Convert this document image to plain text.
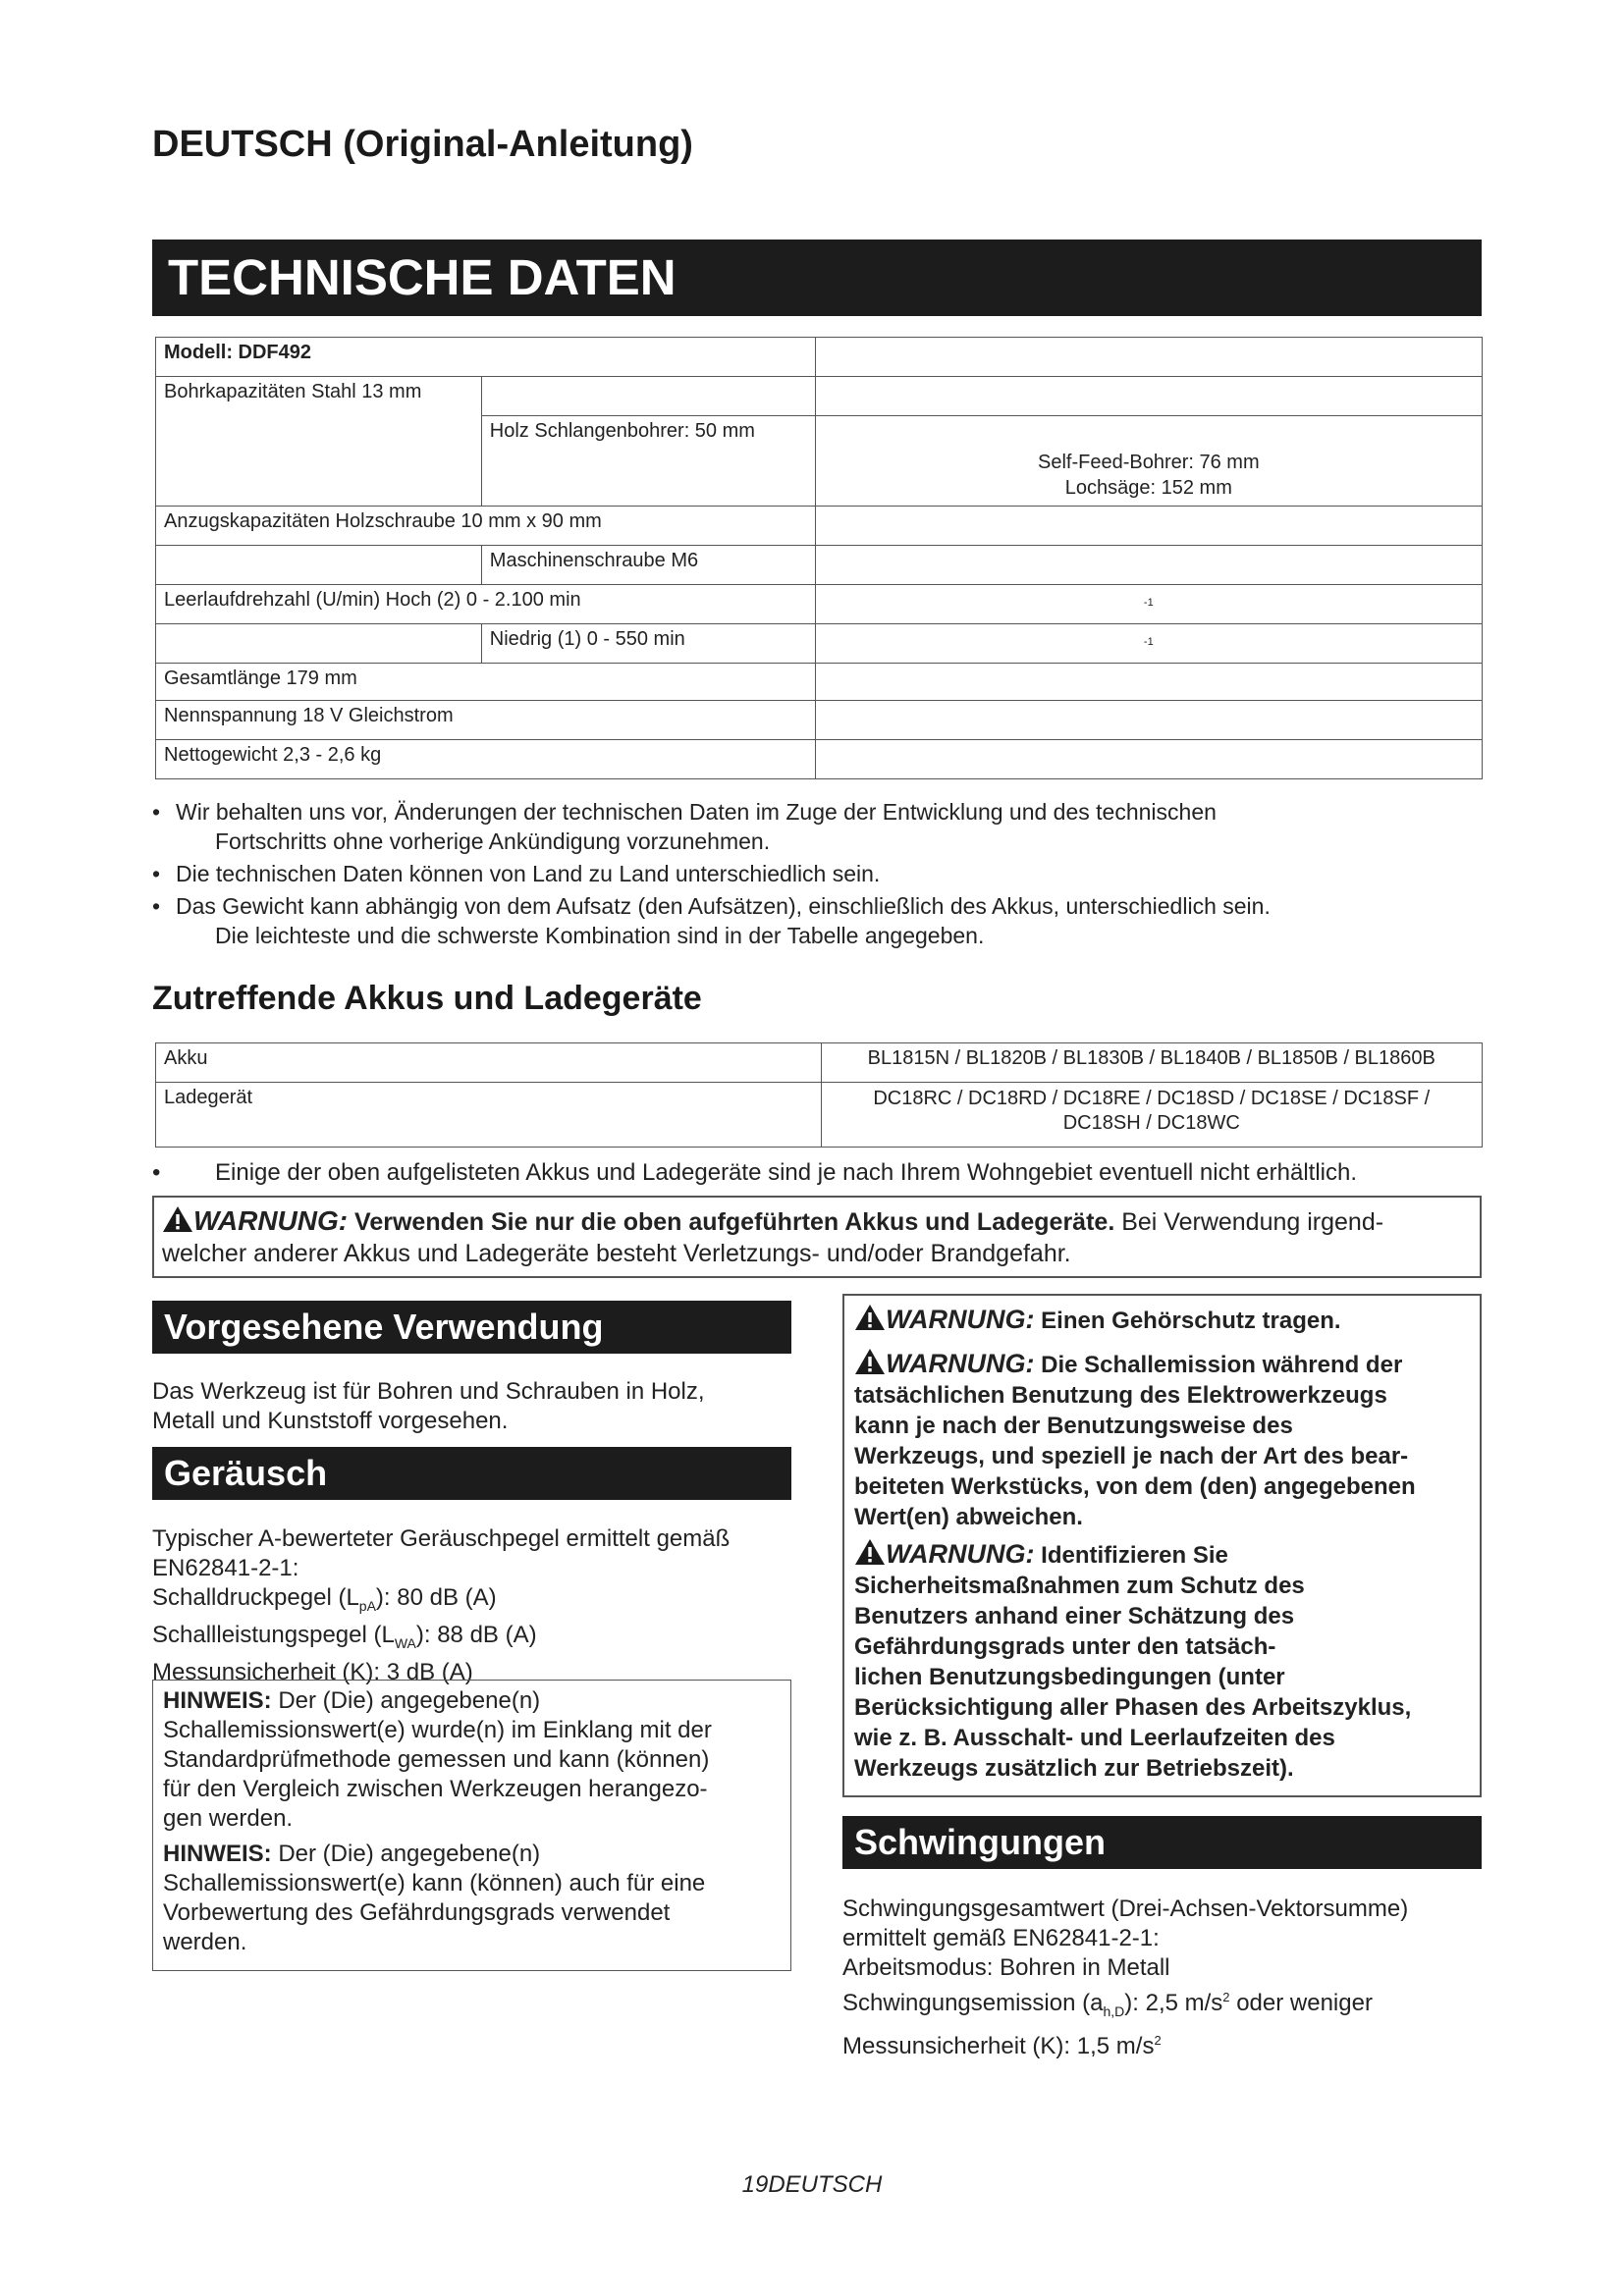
DEUTSCH (Original-Anleitung)
TECHNISCHE DATEN
Modell: DDF492		
Bohrkapazitäten Stahl 13 mm		
	Holz Schlangenbohrer: 50 mm	Self-Feed-Bohrer: 76 mm
Lochsäge: 152 mm

Anzugskapazitäten Holzschraube 10 mm x 90 mm		
	Maschinenschraube M6	
Leerlaufdrehzahl (U/min) Hoch (2) 0 - 2.100 min		-1
	Niedrig (1) 0 - 550 min	-1
Gesamtlänge 179 mm		
Nennspannung 18 V Gleichstrom		
Nettogewicht 2,3 - 2,6 kg		
• Wir behalten uns vor, Änderungen der technischen Daten im Zuge der Entwicklung und des technischen
Fortschritts ohne vorherige Ankündigung vorzunehmen.
• Die technischen Daten können von Land zu Land unterschiedlich sein.
• Das Gewicht kann abhängig von dem Aufsatz (den Aufsätzen), einschließlich des Akkus, unterschiedlich sein.
Die leichteste und die schwerste Kombination sind in der Tabelle angegeben.
Zutreffende Akkus und Ladegeräte
Akku	BL1815N / BL1820B / BL1830B / BL1840B / BL1850B / BL1860B
Ladegerät	DC18RC / DC18RD / DC18RE / DC18SD / DC18SE / DC18SF /
DC18SH / DC18WC
• Einige der oben aufgelisteten Akkus und Ladegeräte sind je nach Ihrem Wohngebiet eventuell nicht erhältlich.
WARNUNG: Verwenden Sie nur die oben aufgeführten Akkus und Ladegeräte. Bei Verwendung irgend-
welcher anderer Akkus und Ladegeräte besteht Verletzungs- und/oder Brandgefahr.
Vorgesehene Verwendung
Das Werkzeug ist für Bohren und Schrauben in Holz,
Metall und Kunststoff vorgesehen.
Geräusch
Typischer A-bewerteter Geräuschpegel ermittelt gemäß
EN62841-2-1:
Schalldruckpegel $(L_{pA})$: 80 dB (A)
Schallleistungspegel $(L_{WA})$: 88 dB (A)
Messunsicherheit (K): 3 dB (A)
HINWEIS: Der (Die) angegebene(n)
Schallemissionswert(e) wurde(n) im Einklang mit der
Standardprüfmethode gemessen und kann (können)
für den Vergleich zwischen Werkzeugen herangezo-
gen werden.
HINWEIS: Der (Die) angegebene(n)
Schallemissionswert(e) kann (können) auch für eine
Vorbewertung des Gefährdungsgrads verwendet
werden.
WARNUNG: Einen Gehörschutz tragen.
WARNUNG: Die Schallemission während der
tatsächlichen Benutzung des Elektrowerkzeugs
kann je nach der Benutzungsweise des
Werkzeugs, und speziell je nach der Art des bear-
beiteten Werkstücks, von dem (den) angegebenen
Wert(en) abweichen.
WARNUNG: Identifizieren Sie
Sicherheitsmaßnahmen zum Schutz des
Benutzers anhand einer Schätzung des
Gefährdungsgrads unter den tatsäch-
lichen Benutzungsbedingungen (unter
Berücksichtigung aller Phasen des Arbeitszyklus,
wie z. B. Ausschalt- und Leerlaufzeiten des
Werkzeugs zusätzlich zur Betriebszeit).
Schwingungen
Schwingungsgesamtwert (Drei-Achsen-Vektorsumme)
ermittelt gemäß EN62841-2-1:
Arbeitsmodus: Bohren in Metall
Schwingungsemission $(a_{h,D})$: 2,5 $m/s^2$ oder weniger
Messunsicherheit (K): 1,5 $m/s^2$
19DEUTSCH
